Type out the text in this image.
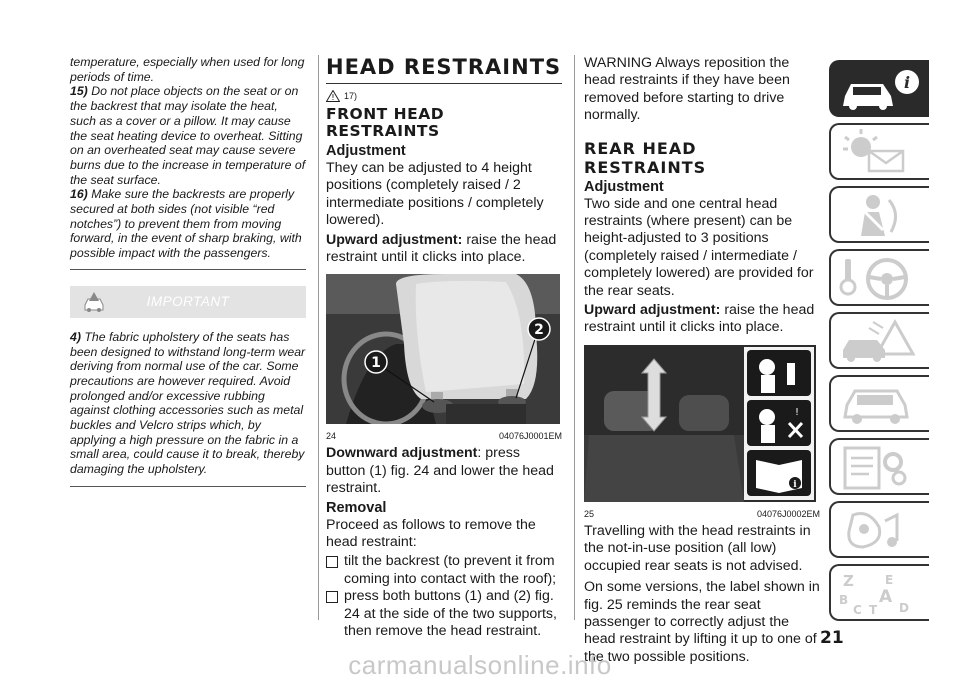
temperature, especially when used for long periods of time.
15) Do not place objects on the seat or on the backrest that may isolate the heat, such as a cover or a pillow. It may cause the seat heating device to overheat. Sitting on an overheated seat may cause severe burns due to the increase in temperature of the seat surface.
16) Make sure the backrests are properly secured at both sides (not visible “red notches”) to prevent them from moving forward, in the event of sharp braking, with possible impact with the passengers.
IMPORTANT
4) The fabric upholstery of the seats has been designed to withstand long-term wear deriving from normal use of the car. Some precautions are however required. Avoid prolonged and/or excessive rubbing against clothing accessories such as metal buckles and Velcro strips which, by applying a high pressure on the fabric in a small area, could cause it to break, thereby damaging the upholstery.
HEAD RESTRAINTS
! 17)
FRONT HEAD RESTRAINTS
Adjustment

They can be adjusted to 4 height positions (completely raised / 2 intermediate positions / completely lowered).

Upward adjustment: raise the head restraint until it clicks into place.

1
2
24	04076J0001EM

Downward adjustment: press button (1) fig. 24 and lower the head restraint.

Removal

Proceed as follows to remove the head restraint:

tilt the backrest (to prevent it from coming into contact with the roof);
press both buttons (1) and (2) fig. 24 at the side of the two supports, then remove the head restraint.

WARNING Always reposition the head restraints if they have been removed before starting to drive normally.

REAR HEAD RESTRAINTS
Adjustment

Two side and one central head restraints (where present) can be height-adjusted to 3 positions (completely raised / intermediate / completely lowered) are provided for the rear seats.

Upward adjustment: raise the head restraint until it clicks into place.

!
i
25	04076J0002EM

Travelling with the head restraints in the not-in-use position (all low) occupied rear seats is not advised.

On some versions, the label shown in fig. 25 reminds the rear seat passenger to correctly adjust the head restraint by lifting it up to one of the two possible positions.

i
Z	E
B A
C T D
21
carmanualsonline.info
